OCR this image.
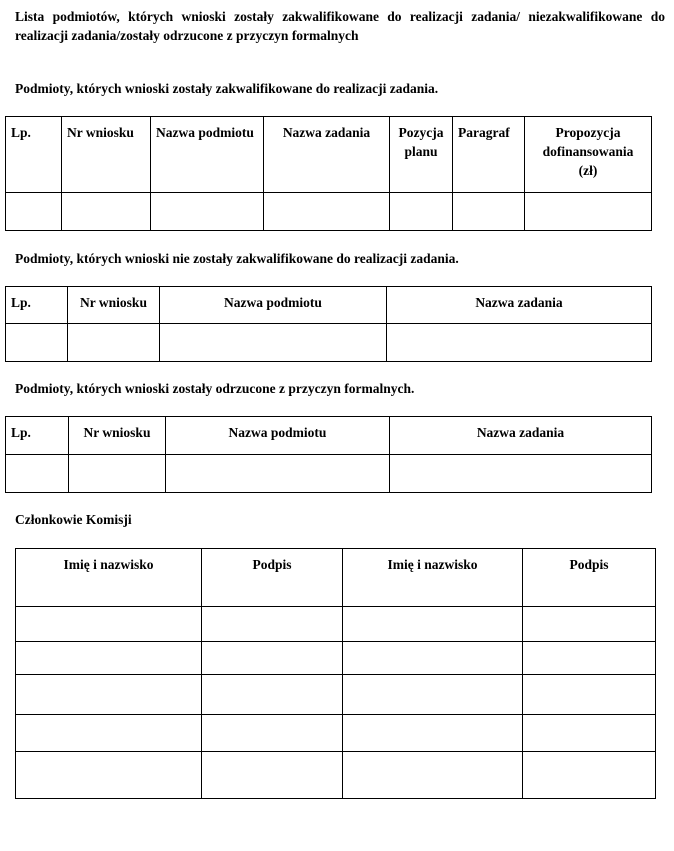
Lista podmiotów, których wnioski zostały zakwalifikowane do realizacji zadania/ niezakwalifikowane do realizacji zadania/zostały odrzucone z przyczyn formalnych
Podmioty, których wnioski zostały zakwalifikowane do realizacji zadania.
Lp.	Nr wniosku	Nazwa podmiotu	Nazwa zadania	Pozycja planu	Paragraf	Propozycja dofinansowania (zł)

Podmioty, których wnioski nie zostały zakwalifikowane do realizacji zadania.
Lp.	Nr wniosku	Nazwa podmiotu	Nazwa zadania

Podmioty, których wnioski zostały odrzucone z przyczyn formalnych.
Lp.	Nr wniosku	Nazwa podmiotu	Nazwa zadania

Członkowie Komisji
Imię i nazwisko	Podpis	Imię i nazwisko	Podpis
